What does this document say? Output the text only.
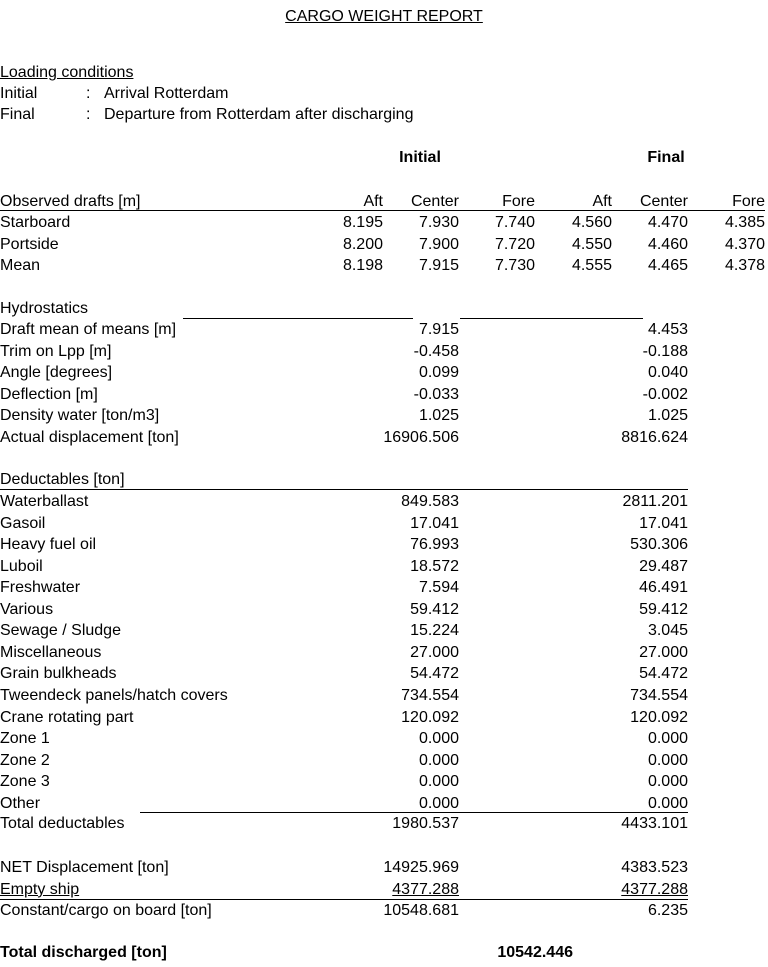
CARGO WEIGHT REPORT
Loading conditions
Initial	: Arrival Rotterdam
Final	: Departure from Rotterdam after discharging
Initial	Final
Observed drafts [m]	Aft Center	Fore	Aft Center	Fore
Starboard	8.195 7.930 7.740 4.560 4.470 4.385
Portside	8.200 7.900 7.720 4.550 4.460 4.370
Mean	8.198 7.915 7.730 4.555 4.465 4.378
Hydrostatics
Draft mean of means [m]	7.915	4.453
Trim on Lpp [m]	-0.458	-0.188
Angle [degrees]	0.099	0.040
Deflection [m]	-0.033	-0.002
Density water [ton/m3]	1.025	1.025
Actual displacement [ton]	16906.506	8816.624
Deductables [ton]
Waterballast	849.583	2811.201
Gasoil	17.041	17.041
Heavy fuel oil	76.993	530.306
Luboil	18.572	29.487
Freshwater	7.594	46.491
Various	59.412	59.412
Sewage / Sludge	15.224	3.045
Miscellaneous	27.000	27.000
Grain bulkheads	54.472	54.472
Tweendeck panels/hatch covers	734.554	734.554
Crane rotating part	120.092	120.092
Zone 1	0.000	0.000
Zone 2	0.000	0.000
Zone 3	0.000	0.000
Other	0.000	0.000
Total deductables	1980.537	4433.101
NET Displacement [ton]	14925.969	4383.523
Empty ship	4377.288	4377.288
Constant/cargo on board [ton]	10548.681	6.235
Total discharged [ton]	10542.446
